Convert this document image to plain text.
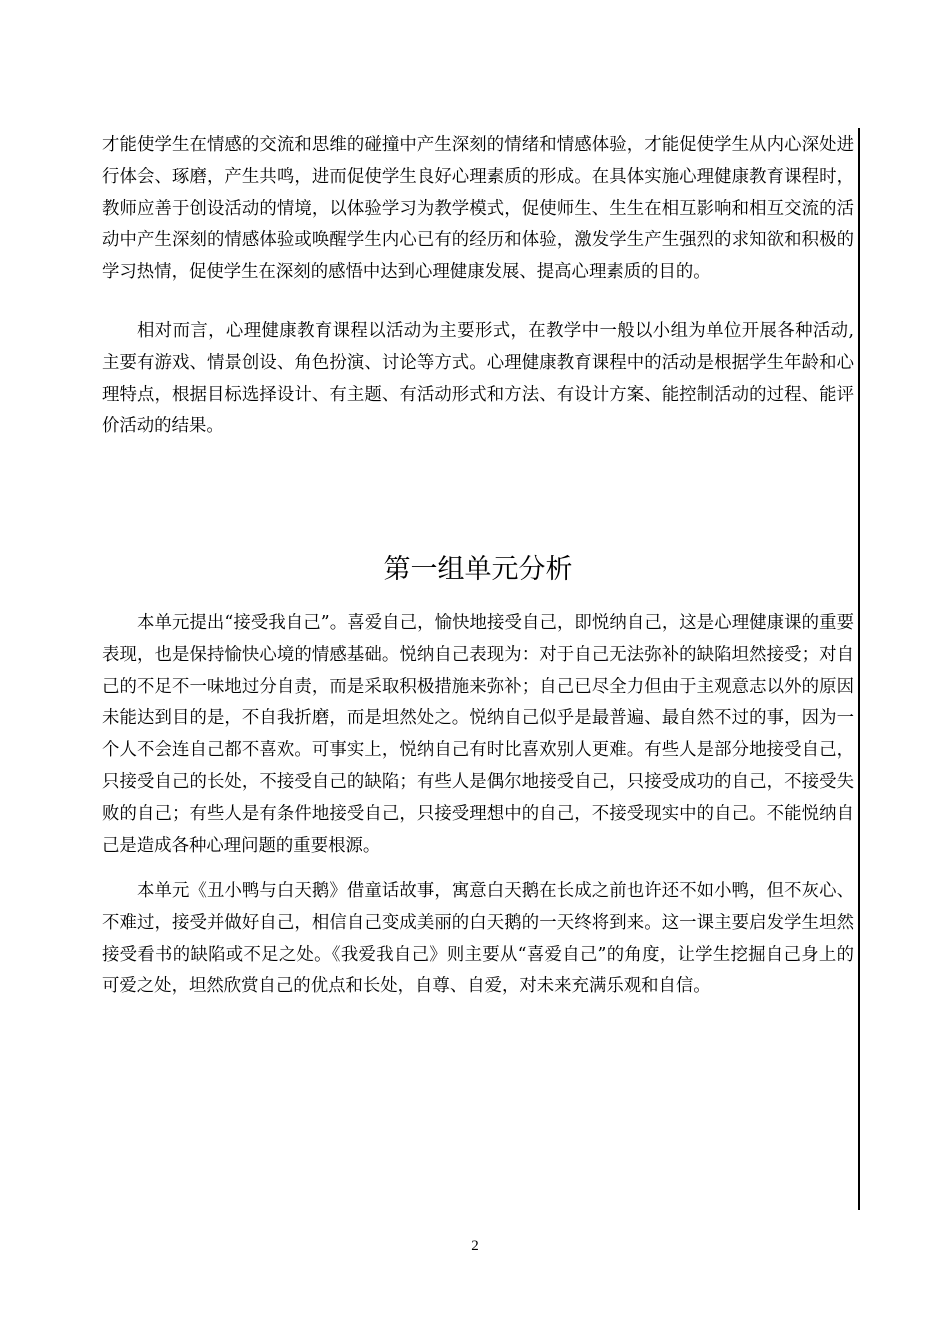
才能使学生在情感的交流和思维的碰撞中产生深刻的情绪和情感体验，才能促使学生从内心深处进行体会、琢磨，产生共鸣，进而促使学生良好心理素质的形成。在具体实施心理健康教育课程时，教师应善于创设活动的情境，以体验学习为教学模式，促使师生、生生在相互影响和相互交流的活动中产生深刻的情感体验或唤醒学生内心已有的经历和体验，激发学生产生强烈的求知欲和积极的学习热情，促使学生在深刻的感悟中达到心理健康发展、提高心理素质的目的。

相对而言，心理健康教育课程以活动为主要形式，在教学中一般以小组为单位开展各种活动, 主要有游戏、情景创设、角色扮演、讨论等方式。心理健康教育课程中的活动是根据学生年龄和心理特点，根据目标选择设计、有主题、有活动形式和方法、有设计方案、能控制活动的过程、能评价活动的结果。

第一组单元分析

本单元提出“接受我自己”。喜爱自己，愉快地接受自己，即悦纳自己，这是心理健康课的重要表现，也是保持愉快心境的情感基础。悦纳自己表现为：对于自己无法弥补的缺陷坦然接受；对自己的不足不一味地过分自责，而是采取积极措施来弥补；自己已尽全力但由于主观意志以外的原因未能达到目的是，不自我折磨，而是坦然处之。悦纳自己似乎是最普遍、最自然不过的事，因为一个人不会连自己都不喜欢。可事实上，悦纳自己有时比喜欢别人更难。有些人是部分地接受自己，只接受自己的长处，不接受自己的缺陷；有些人是偶尔地接受自己，只接受成功的自己，不接受失败的自己；有些人是有条件地接受自己，只接受理想中的自己，不接受现实中的自己。不能悦纳自己是造成各种心理问题的重要根源。

本单元《丑小鸭与白天鹅》借童话故事，寓意白天鹅在长成之前也许还不如小鸭，但不灰心、不难过，接受并做好自己，相信自己变成美丽的白天鹅的一天终将到来。这一课主要启发学生坦然接受看书的缺陷或不足之处。《我爱我自己》则主要从“喜爱自己”的角度，让学生挖掘自己身上的可爱之处，坦然欣赏自己的优点和长处，自尊、自爱，对未来充满乐观和自信。

2
